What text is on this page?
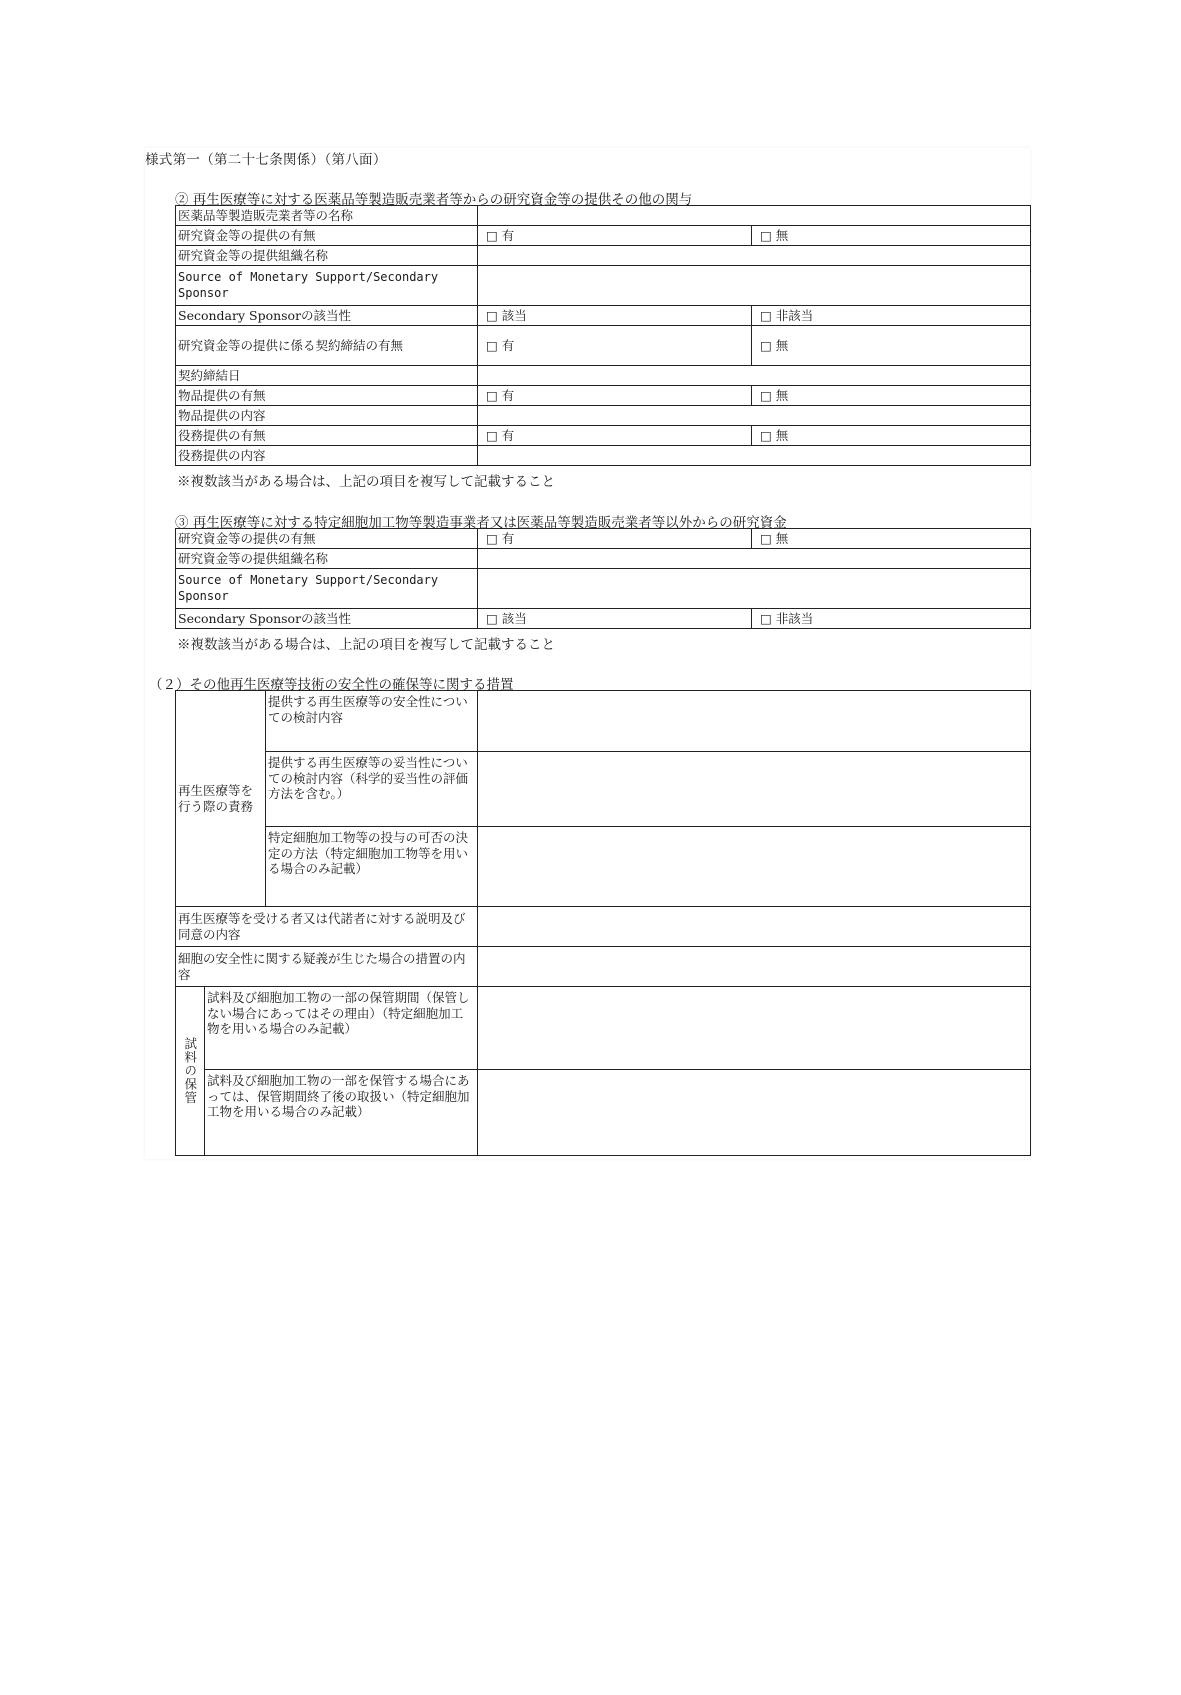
様式第一（第二十七条関係）（第八面）
② 再生医療等に対する医薬品等製造販売業者等からの研究資金等の提供その他の関与
医薬品等製造販売業者等の名称		
研究資金等の提供の有無	□ 有	□ 無
研究資金等の提供組織名称		
Source of Monetary Support/Secondary Sponsor		
Secondary Sponsorの該当性	□ 該当	□ 非該当
研究資金等の提供に係る契約締結の有無	□ 有	□ 無
契約締結日		
物品提供の有無	□ 有	□ 無
物品提供の内容		
役務提供の有無	□ 有	□ 無
役務提供の内容		
※複数該当がある場合は、上記の項目を複写して記載すること
③ 再生医療等に対する特定細胞加工物等製造事業者又は医薬品等製造販売業者等以外からの研究資金
研究資金等の提供の有無	□ 有	□ 無
研究資金等の提供組織名称		
Source of Monetary Support/Secondary Sponsor		
Secondary Sponsorの該当性	□ 該当	□ 非該当
※複数該当がある場合は、上記の項目を複写して記載すること
（２）その他再生医療等技術の安全性の確保等に関する措置
再生医療等を行う際の責務		提供する再生医療等の安全性についての検討内容	
		提供する再生医療等の妥当性についての検討内容（科学的妥当性の評価方法を含む。）	
		特定細胞加工物等の投与の可否の決定の方法（特定細胞加工物等を用いる場合のみ記載）	
再生医療等を受ける者又は代諾者に対する説明及び同意の内容			
細胞の安全性に関する疑義が生じた場合の措置の内容			

試料の保管	試料及び細胞加工物の一部の保管期間（保管しない場合にあってはその理由）（特定細胞加工物を用いる場合のみ記載）		
	試料及び細胞加工物の一部を保管する場合にあっては、保管期間終了後の取扱い（特定細胞加工物を用いる場合のみ記載）		
